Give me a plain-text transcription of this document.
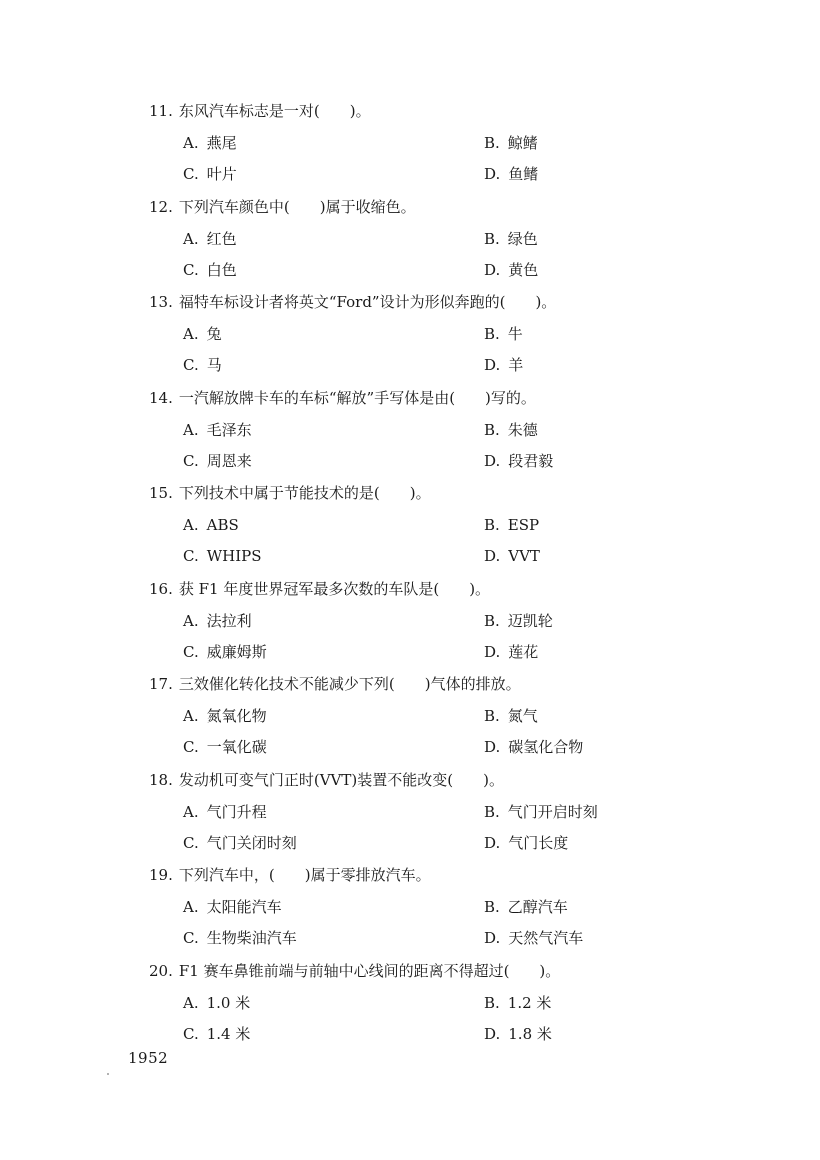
11. 东风汽车标志是一对(　　)。
A. 燕尾	B. 鲸鳍
C. 叶片	D. 鱼鳍
12. 下列汽车颜色中(　　)属于收缩色。
A. 红色	B. 绿色
C. 白色	D. 黄色
13. 福特车标设计者将英文“Ford”设计为形似奔跑的(　　)。
A. 兔	B. 牛
C. 马	D. 羊
14. 一汽解放牌卡车的车标“解放”手写体是由(　　)写的。
A. 毛泽东	B. 朱德
C. 周恩来	D. 段君毅
15. 下列技术中属于节能技术的是(　　)。
A. ABS	B. ESP
C. WHIPS	D. VVT
16. 获 F1 年度世界冠军最多次数的车队是(　　)。
A. 法拉利	B. 迈凯轮
C. 威廉姆斯	D. 莲花
17. 三效催化转化技术不能减少下列(　　)气体的排放。
A. 氮氧化物	B. 氮气
C. 一氧化碳	D. 碳氢化合物
18. 发动机可变气门正时(VVT)装置不能改变(　　)。
A. 气门升程	B. 气门开启时刻
C. 气门关闭时刻	D. 气门长度
19. 下列汽车中，(　　)属于零排放汽车。
A. 太阳能汽车	B. 乙醇汽车
C. 生物柴油汽车	D. 天然气汽车
20. F1 赛车鼻锥前端与前轴中心线间的距离不得超过(　　)。
A. 1.0 米	B. 1.2 米
C. 1.4 米	D. 1.8 米
1952
